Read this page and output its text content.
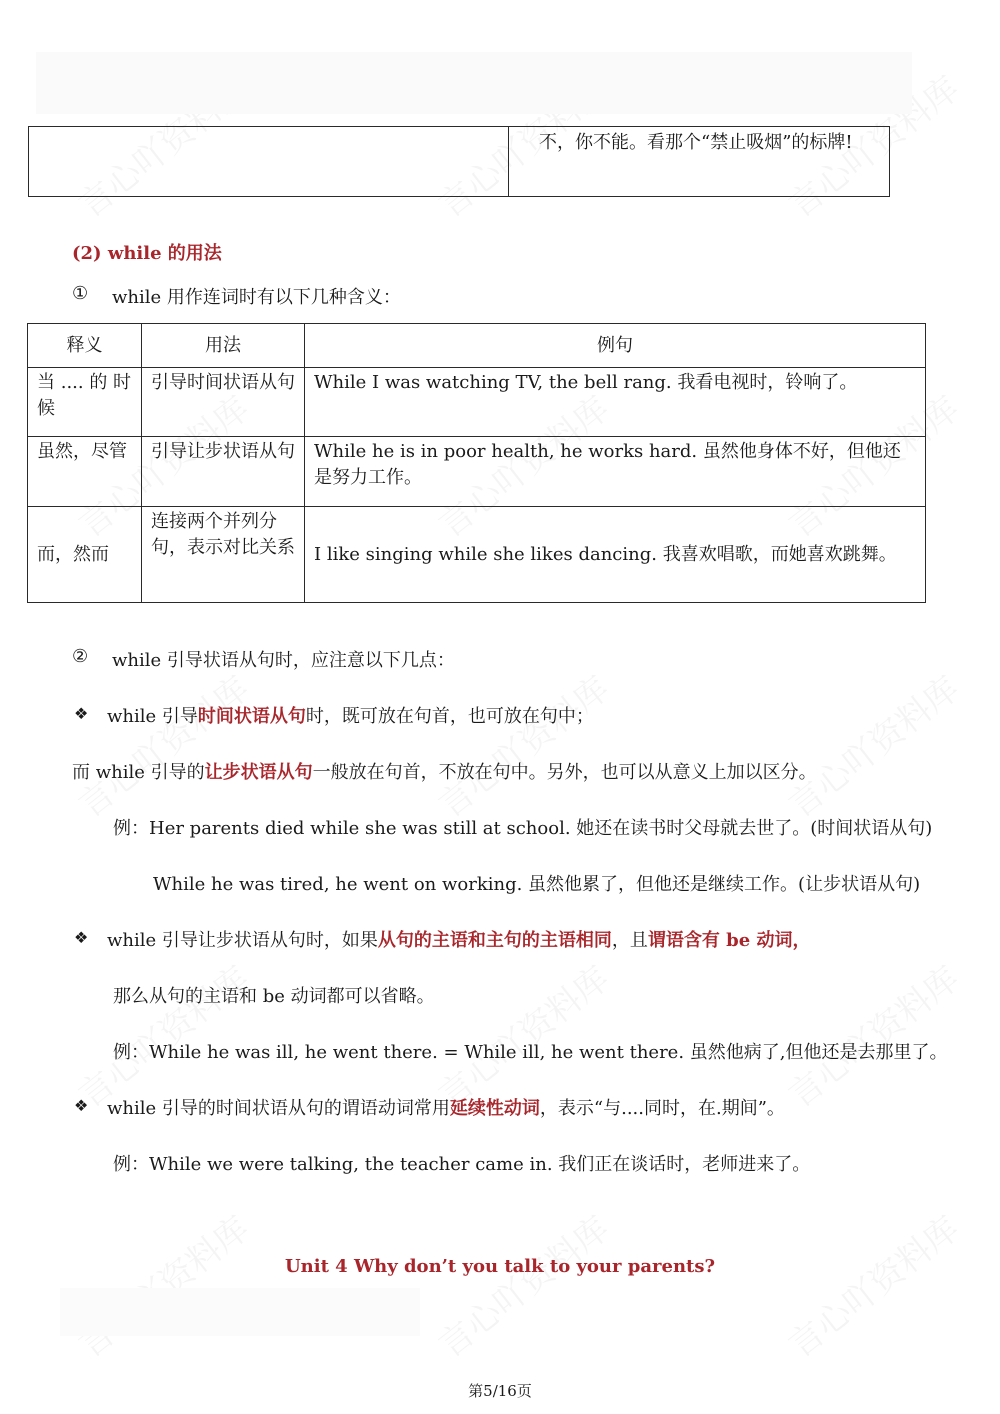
	不，你不能。看那个“禁止吸烟”的标牌!
(2) while 的用法
① while 用作连词时有以下几种含义：
释义	用法	例句
当 .... 的 时候	引导时间状语从句	While I was watching TV, the bell rang. 我看电视时，铃响了。
虽然，尽管	引导让步状语从句	While he is in poor health, he works hard. 虽然他身体不好，但他还是努力工作。
而，然而	连接两个并列分句，表示对比关系	I like singing while she likes dancing. 我喜欢唱歌，而她喜欢跳舞。
② while 引导状语从句时，应注意以下几点：
❖ while 引导时间状语从句时，既可放在句首，也可放在句中；
而 while 引导的让步状语从句一般放在句首，不放在句中。另外，也可以从意义上加以区分。
例：Her parents died while she was still at school. 她还在读书时父母就去世了。(时间状语从句)
While he was tired, he went on working. 虽然他累了，但他还是继续工作。(让步状语从句)
❖ while 引导让步状语从句时，如果从句的主语和主句的主语相同，且谓语含有 be 动词，
那么从句的主语和 be 动词都可以省略。
例：While he was ill, he went there. = While ill, he went there. 虽然他病了,但他还是去那里了。
❖ while 引导的时间状语从句的谓语动词常用延续性动词，表示“与....同时，在.期间”。
例：While we were talking, the teacher came in. 我们正在谈话时，老师进来了。
Unit 4 Why don’t you talk to your parents?
第5/16页
